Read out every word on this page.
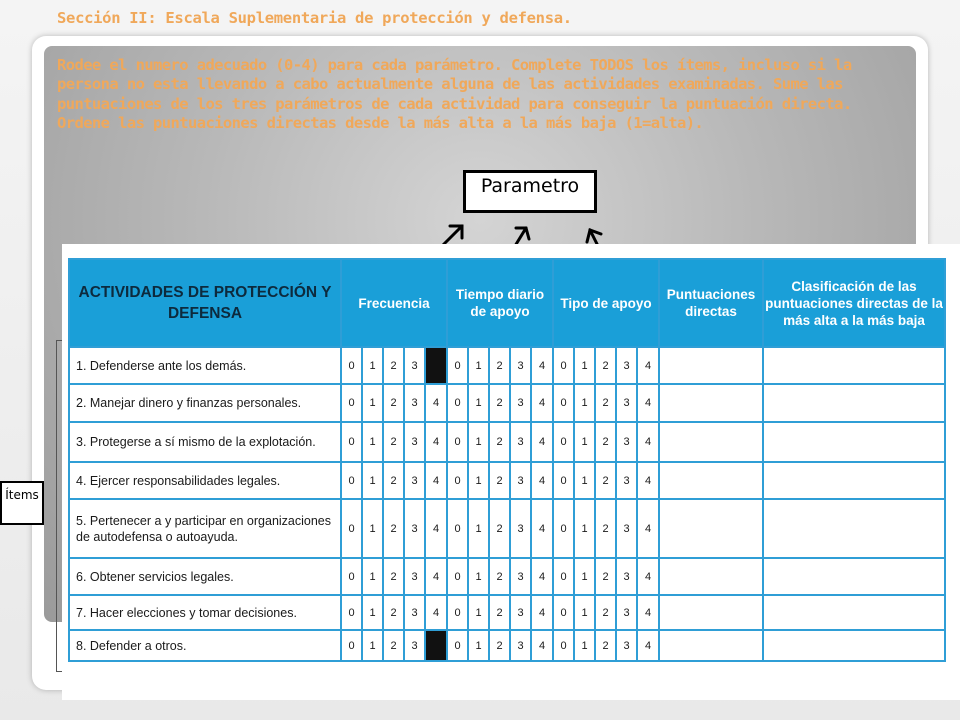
Sección II: Escala Suplementaria de protección y defensa.
Rodee el numero adecuado (0-4) para cada parámetro. Complete TODOS los ítems, incluso si la persona no esta llevando a cabo actualmente alguna de las actividades examinadas. Sume las puntuaciones de los tres parámetros de cada actividad para conseguir la puntuación directa. Ordene las puntuaciones directas desde la más alta a la más baja (1=alta).
Parametro
Ítems
ACTIVIDADES DE PROTECCIÓN Y DEFENSA	Frecuencia					Tiempo diario de apoyo					Tipo de apoyo					Puntuaciones directas	Clasificación de las puntuaciones directas de la más alta a la más baja
1. Defenderse ante los demás.	0	1	2	3		0	1	2	3	4	0	1	2	3	4		
2. Manejar dinero y finanzas personales.	0	1	2	3	4	0	1	2	3	4	0	1	2	3	4		
3. Protegerse a sí mismo de la explotación.	0	1	2	3	4	0	1	2	3	4	0	1	2	3	4		
4. Ejercer responsabilidades legales.	0	1	2	3	4	0	1	2	3	4	0	1	2	3	4		
5. Pertenecer a y participar en organizaciones de autodefensa o autoayuda.	0	1	2	3	4	0	1	2	3	4	0	1	2	3	4		
6. Obtener servicios legales.	0	1	2	3	4	0	1	2	3	4	0	1	2	3	4		
7. Hacer elecciones y tomar decisiones.	0	1	2	3	4	0	1	2	3	4	0	1	2	3	4		
8. Defender a otros.	0	1	2	3		0	1	2	3	4	0	1	2	3	4		
